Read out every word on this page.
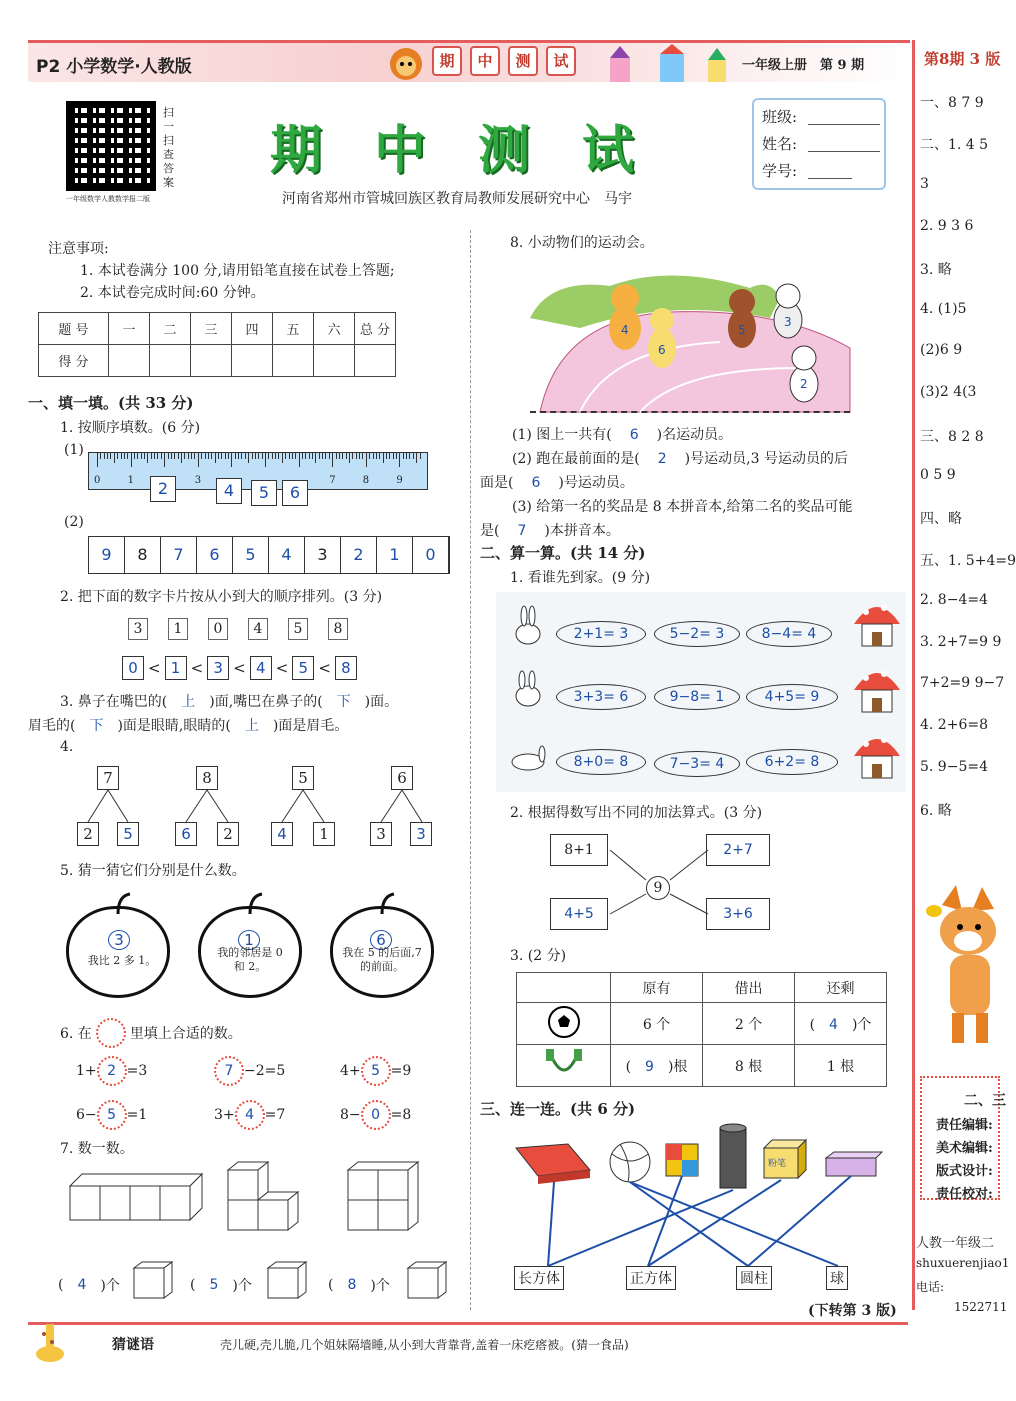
P2 小学数学·人教版	期	中	测	试	一年级上册　 第 9 期	第8期 3 版
一、8 7 9
二、1. 4 5
3
2. 9 3 6
3. 略
4. (1)5
(2)6 9
(3)2 4(3
三、8 2 8
0 5 9
四、略
五、1. 5+4=9
2. 8−4=4
3. 2+7=9 9
7+2=9 9−7
4. 2+6=8
5. 9−5=4
6. 略
二、三
责任编辑:
美术编辑:
版式设计:
责任校对:
人教一年级二
shuxuerenjiao1
电话:
1522711
扫一扫 查答案
一年级数学人教数学报二版
期中测试
河南省郑州市管城回族区教育局教师发展研究中心　马宇
班级:
姓名:
学号:
注意事项:
1. 本试卷满分 100 分,请用铅笔直接在试卷上答题;
2. 本试卷完成时间:60 分钟。
题 号	一	二	三	四	五	六	总 分
得 分							
一、填一填。(共 33 分)
1. 按顺序填数。(6 分)
(1)
0	1	3	7	8	9
2	4	5	6
(2)
9	8	7	6	5	4	3	2	1	0
2. 把下面的数字卡片按从小到大的顺序排列。(3 分)
3	1	0	4	5	8
0 < 1 < 3 < 4 < 5 < 8
3. 鼻子在嘴巴的( 上 )面,嘴巴在鼻子的( 下 )面。
眉毛的( 下 )面是眼睛,眼睛的( 上 )面是眉毛。
4.
7
2	5
8
6	2
5
4	1
6
3	3
5. 猜一猜它们分别是什么数。
3
我比 2 多 1。
1
我的邻居是 0 和 2。
6
我在 5 的后面,7 的前面。
6. 在	里填上合适的数。
1+ 2 =3	7 −2=5	4+ 5 =9
6− 5 =1	3+ 4 =7	8− 0 =8
7. 数一数。
( 4 )个	( 5 )个	( 8 )个
8. 小动物们的运动会。
4
6
5
3
2
(1) 图上一共有( 6 )名运动员。
(2) 跑在最前面的是( 2 )号运动员,3 号运动员的后
面是( 6 )号运动员。
(3) 给第一名的奖品是 8 本拼音本,给第二名的奖品可能
是( 7 )本拼音本。
二、算一算。(共 14 分)
1. 看谁先到家。(9 分)
2+1= 3	5−2= 3	8−4= 4
3+3= 6	9−8= 1	4+5= 9
8+0= 8	7−3= 4	6+2= 8
2. 根据得数写出不同的加法算式。(3 分)
9
8+1	2+7
4+5	3+6
3. (2 分)
	原有	借出	还剩
	6 个	2 个	( 4 )个
	( 9 )根	8 根	1 根
三、连一连。(共 6 分)
粉笔
长方体	正方体	圆柱	球
(下转第 3 版)
猜谜语	壳儿硬,壳儿脆,几个姐妹隔墙睡,从小到大背靠背,盖着一床疙瘩被。(猜一食品)
